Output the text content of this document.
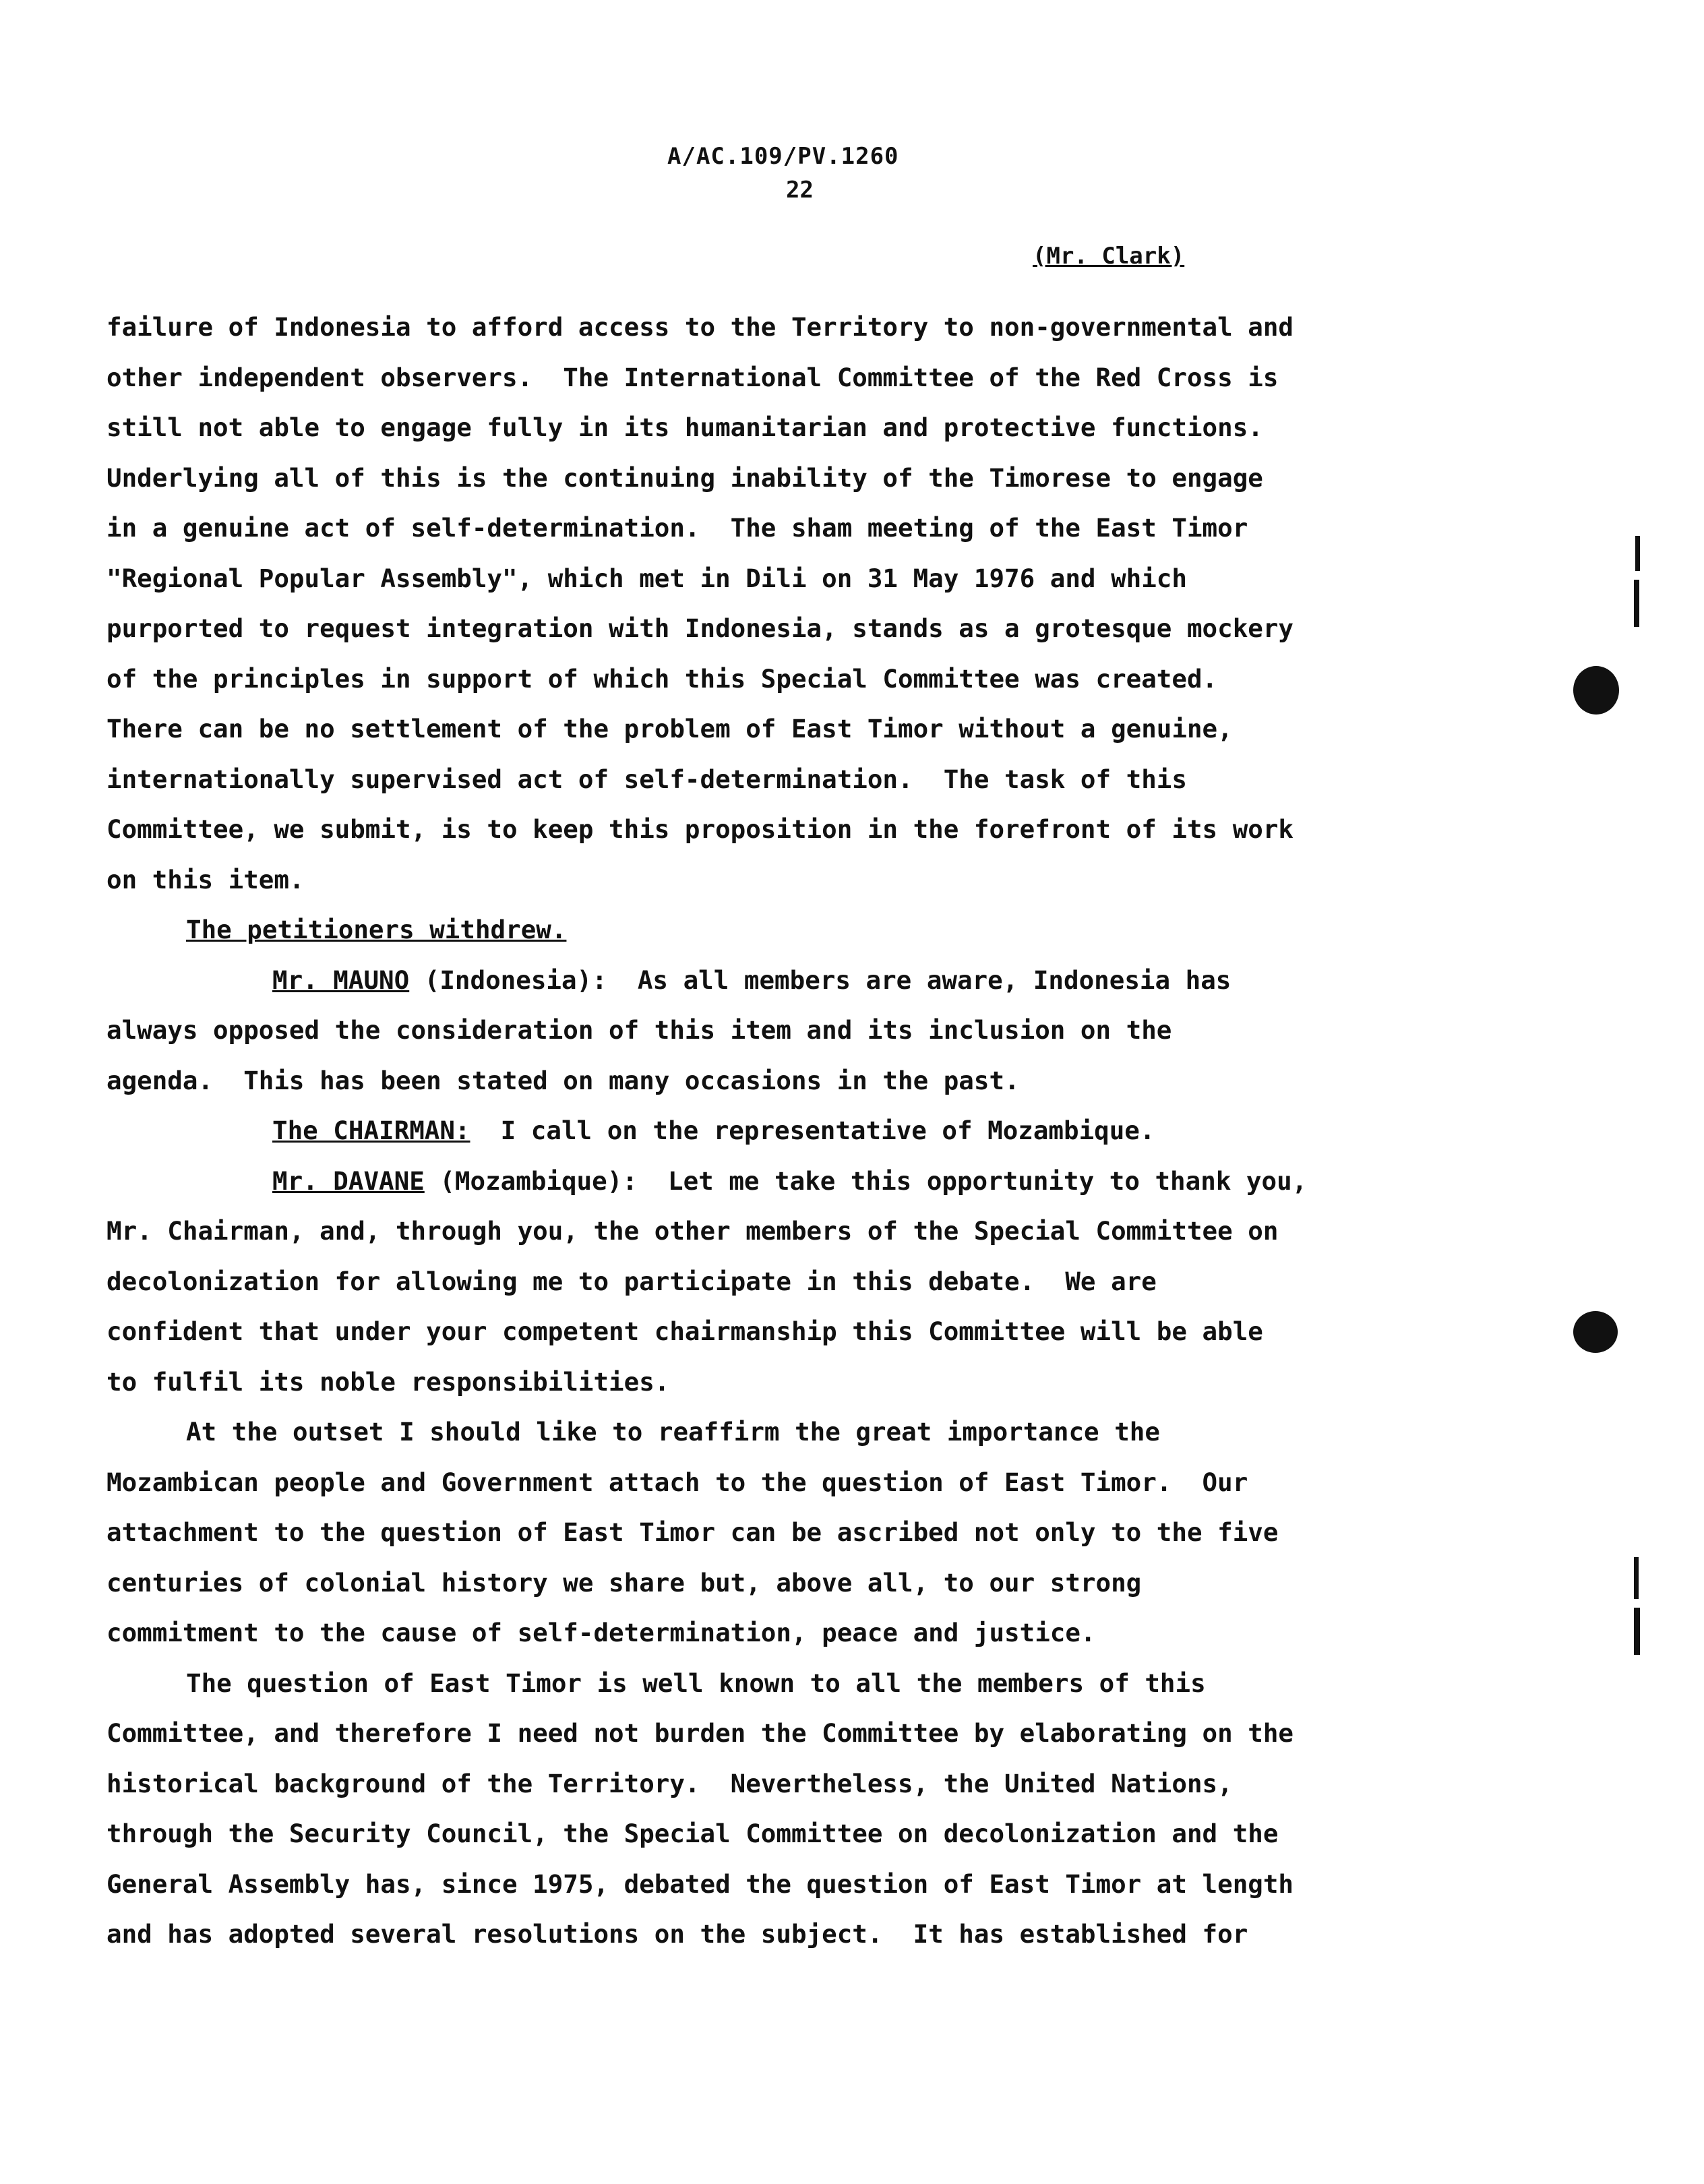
A/AC.109/PV.1260
22
(Mr. Clark)
failure of Indonesia to afford access to the Territory to non-governmental and
other independent observers.  The International Committee of the Red Cross is
still not able to engage fully in its humanitarian and protective functions.
Underlying all of this is the continuing inability of the Timorese to engage
in a genuine act of self-determination.  The sham meeting of the East Timor
"Regional Popular Assembly", which met in Dili on 31 May 1976 and which
purported to request integration with Indonesia, stands as a grotesque mockery
of the principles in support of which this Special Committee was created.
There can be no settlement of the problem of East Timor without a genuine,
internationally supervised act of self-determination.  The task of this
Committee, we submit, is to keep this proposition in the forefront of its work
on this item.
The petitioners withdrew.
Mr. MAUNO (Indonesia):  As all members are aware, Indonesia has
always opposed the consideration of this item and its inclusion on the
agenda.  This has been stated on many occasions in the past.
The CHAIRMAN:  I call on the representative of Mozambique.
Mr. DAVANE (Mozambique):  Let me take this opportunity to thank you,
Mr. Chairman, and, through you, the other members of the Special Committee on
decolonization for allowing me to participate in this debate.  We are
confident that under your competent chairmanship this Committee will be able
to fulfil its noble responsibilities.
At the outset I should like to reaffirm the great importance the
Mozambican people and Government attach to the question of East Timor.  Our
attachment to the question of East Timor can be ascribed not only to the five
centuries of colonial history we share but, above all, to our strong
commitment to the cause of self-determination, peace and justice.
The question of East Timor is well known to all the members of this
Committee, and therefore I need not burden the Committee by elaborating on the
historical background of the Territory.  Nevertheless, the United Nations,
through the Security Council, the Special Committee on decolonization and the
General Assembly has, since 1975, debated the question of East Timor at length
and has adopted several resolutions on the subject.  It has established for
